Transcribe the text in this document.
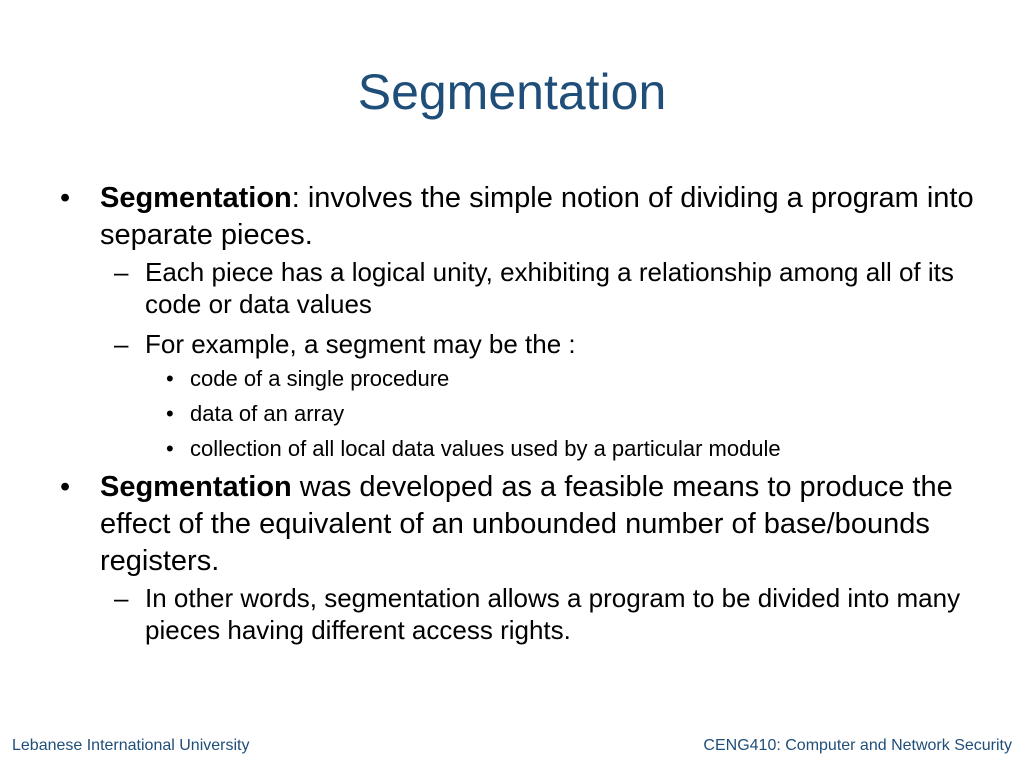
Segmentation
• Segmentation: involves the simple notion of dividing a program into separate pieces.
– Each piece has a logical unity, exhibiting a relationship among all of its code or data values
– For example, a segment may be the :
• code of a single procedure
• data of an array
• collection of all local data values used by a particular module
• Segmentation was developed as a feasible means to produce the effect of the equivalent of an unbounded number of base/bounds registers.
– In other words, segmentation allows a program to be divided into many pieces having different access rights.
Lebanese International University	CENG410: Computer and Network Security
